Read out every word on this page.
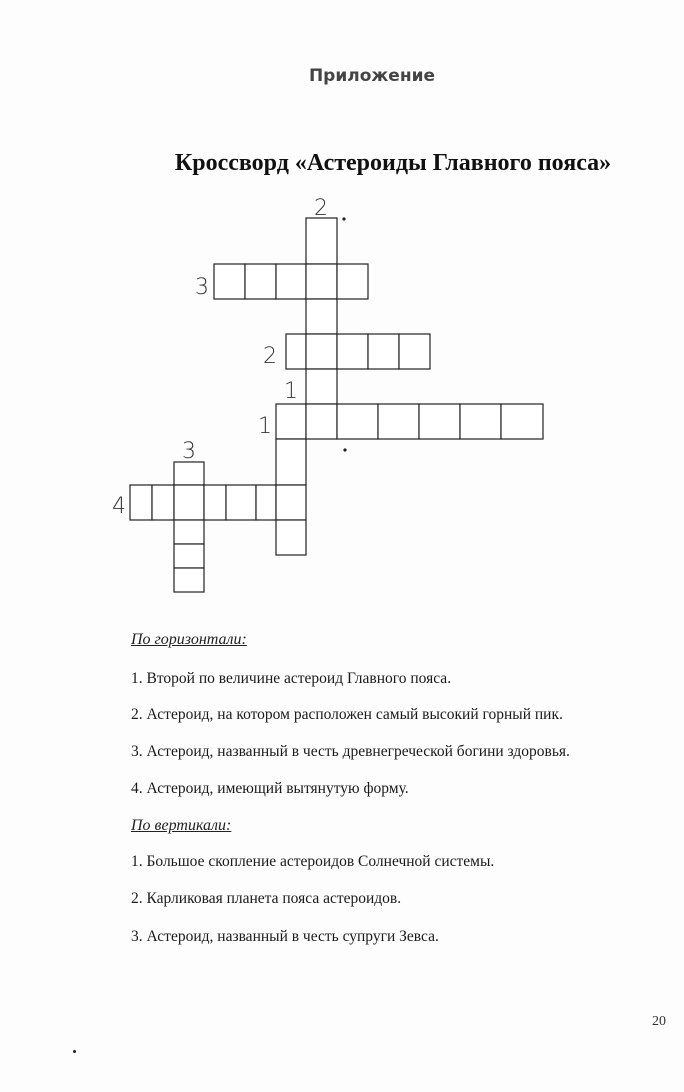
Приложение
Кроссворд «Астероиды Главного пояса»
2
3
2
1
1
3
4
По горизонтали:
1. Второй по величине астероид Главного пояса.
2. Астероид, на котором расположен самый высокий горный пик.
3. Астероид, названный в честь древнегреческой богини здоровья.
4. Астероид, имеющий вытянутую форму.
По вертикали:
1. Большое скопление астероидов Солнечной системы.
2. Карликовая планета пояса астероидов.
3. Астероид, названный в честь супруги Зевса.
20
